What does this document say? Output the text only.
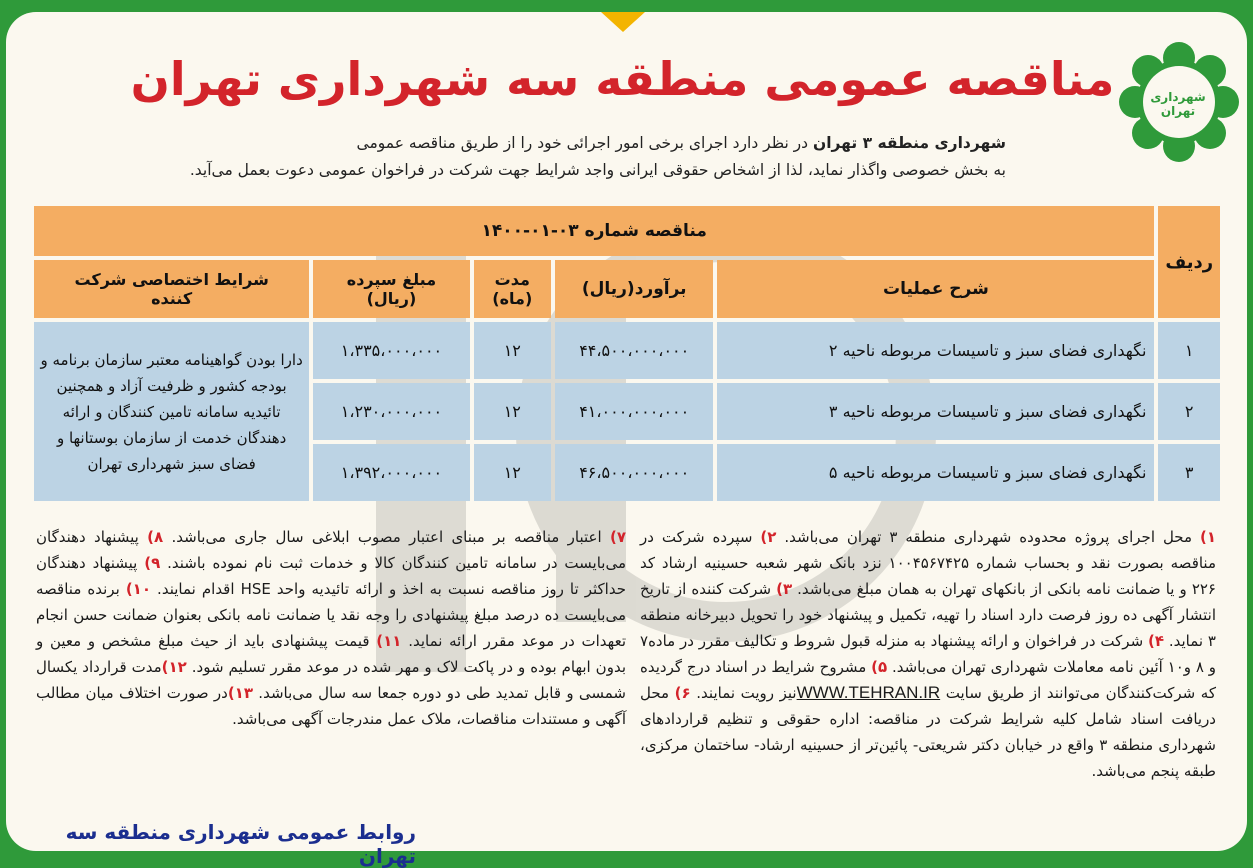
شهرداری تهران
مناقصه عمومی منطقه سه شهرداری تهران
شهرداری منطقه ۳ تهران در نظر دارد اجرای برخی امور اجرائی خود را از طریق مناقصه عمومی
به بخش خصوصی واگذار نماید، لذا از اشخاص حقوقی ایرانی واجد شرایط جهت شرکت در فراخوان عمومی دعوت بعمل می‌آید.
ردیف	مناقصه شماره ۰۳-۰۱-۱۴۰۰				
	شرح عملیات	برآورد(ریال)	مدت (ماه)	مبلغ سپرده (ریال)	شرایط اختصاصی شرکت کننده
۱	نگهداری فضای سبز و تاسیسات مربوطه ناحیه ۲	۴۴،۵۰۰،۰۰۰،۰۰۰	۱۲	۱،۳۳۵،۰۰۰،۰۰۰	دارا بودن گواهینامه معتبر سازمان برنامه و بودجه کشور و ظرفیت آزاد و همچنین تائیدیه سامانه تامین کنندگان و ارائه دهندگان خدمت از سازمان بوستانها و فضای سبز شهرداری تهران
۲	نگهداری فضای سبز و تاسیسات مربوطه ناحیه ۳	۴۱،۰۰۰،۰۰۰،۰۰۰	۱۲	۱،۲۳۰،۰۰۰،۰۰۰	
۳	نگهداری فضای سبز و تاسیسات مربوطه ناحیه ۵	۴۶،۵۰۰،۰۰۰،۰۰۰	۱۲	۱،۳۹۲،۰۰۰،۰۰۰	
۱) محل اجرای پروژه محدوده شهرداری منطقه ۳ تهران می‌باشد. ۲) سپرده شرکت در مناقصه بصورت نقد و بحساب شماره ۱۰۰۴۵۶۷۴۲۵ نزد بانک شهر شعبه حسینیه ارشاد کد ۲۲۶ و یا ضمانت نامه بانکی از بانکهای تهران به همان مبلغ می‌باشد. ۳) شرکت کننده از تاریخ انتشار آگهی ده روز فرصت دارد اسناد را تهیه، تکمیل و پیشنهاد خود را تحویل دبیرخانه منطقه ۳ نماید. ۴) شرکت در فراخوان و ارائه پیشنهاد به منزله قبول شروط و تکالیف مقرر در ماده۷ و ۸ و۱۰ آئین نامه معاملات شهرداری تهران می‌باشد. ۵) مشروح شرایط در اسناد درج گردیده که شرکت‌کنندگان می‌توانند از طریق سایت WWW.TEHRAN.IRنیز رویت نمایند. ۶) محل دریافت اسناد شامل کلیه شرایط شرکت در مناقصه: اداره حقوقی و تنظیم قراردادهای شهرداری منطقه ۳ واقع در خیابان دکتر شریعتی- پائین‌تر از حسینیه ارشاد- ساختمان مرکزی، طبقه پنجم می‌باشد.
۷) اعتبار مناقصه بر مبنای اعتبار مصوب ابلاغی سال جاری می‌باشد. ۸) پیشنهاد دهندگان می‌بایست در سامانه تامین کنندگان کالا و خدمات ثبت نام نموده باشند. ۹) پیشنهاد دهندگان حداکثر تا روز مناقصه نسبت به اخذ و ارائه تائیدیه واحد HSE اقدام نمایند. ۱۰) برنده مناقصه می‌بایست ده درصد مبلغ پیشنهادی را وجه نقد یا ضمانت نامه بانکی بعنوان ضمانت حسن انجام تعهدات در موعد مقرر ارائه نماید. ۱۱) قیمت پیشنهادی باید از حیث مبلغ مشخص و معین و بدون ابهام بوده و در پاکت لاک و مهر شده در موعد مقرر تسلیم شود. ۱۲)مدت قرارداد یکسال شمسی و قابل تمدید طی دو دوره جمعا سه سال می‌باشد. ۱۳)در صورت اختلاف میان مطالب آگهی و مستندات مناقصات، ملاک عمل مندرجات آگهی می‌باشد.
روابط عمومی شهرداری منطقه سه تهران
